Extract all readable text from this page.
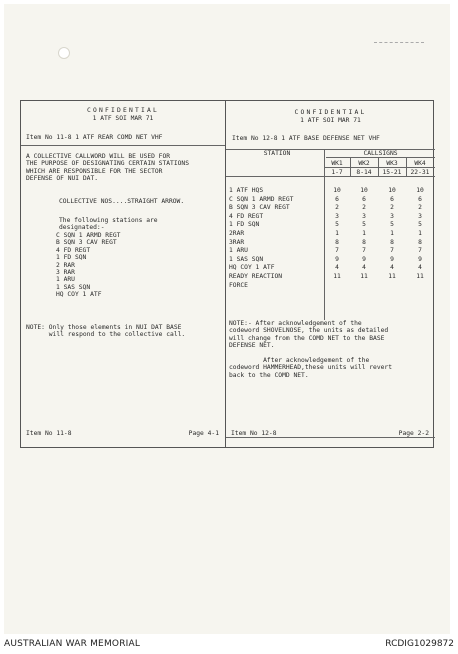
CONFIDENTIAL
1 ATF SOI MAR 71
Item No 11-8 1 ATF REAR COMD NET VHF
A COLLECTIVE CALLWORD WILL BE USED FOR
THE PURPOSE OF DESIGNATING CERTAIN STATIONS
WHICH ARE RESPONSIBLE FOR THE SECTOR
DEFENSE OF NUI DAT.
COLLECTIVE NOS....STRAIGHT ARROW.
The following stations are
designated:-
C SQN 1 ARMD REGT
B SQN 3 CAV REGT
4 FD REGT
1 FD SQN
2 RAR
3 RAR
1 ARU
1 SAS SQN
HQ COY 1 ATF
NOTE: Only those elements in NUI DAT BASE
will respond to the collective call.
Item No 11-8	Page 4-1
CONFIDENTIAL
1 ATF SOI MAR 71
Item No 12-8 1 ATF BASE DEFENSE NET VHF
STATION	CALLSIGNS
WK1	WK2	WK3	WK4
1-7	8-14	15-21 22-31
1 ATF HQS	10	10	10	10
C SQN 1 ARMD REGT	6	6	6	6
B SQN 3 CAV REGT	2	2	2	2
4 FD REGT	3	3	3	3
1 FD SQN	5	5	5	5
2RAR	1	1	1	1
3RAR	8	8	8	8
1 ARU	7	7	7	7
1 SAS SQN	9	9	9	9
HQ COY 1 ATF	4	4	4	4
READY REACTION	11	11	11	11
FORCE
NOTE:- After acknowledgement of the
codeword SHOVELNOSE, the units as detailed
will change from the COMD NET to the BASE
DEFENSE NET.
After acknowledgement of the
codeword HAMMERHEAD,these units will revert
back to the COMD NET.
Item No 12-8	Page 2-2
AUSTRALIAN WAR MEMORIAL	RCDIG1029872
